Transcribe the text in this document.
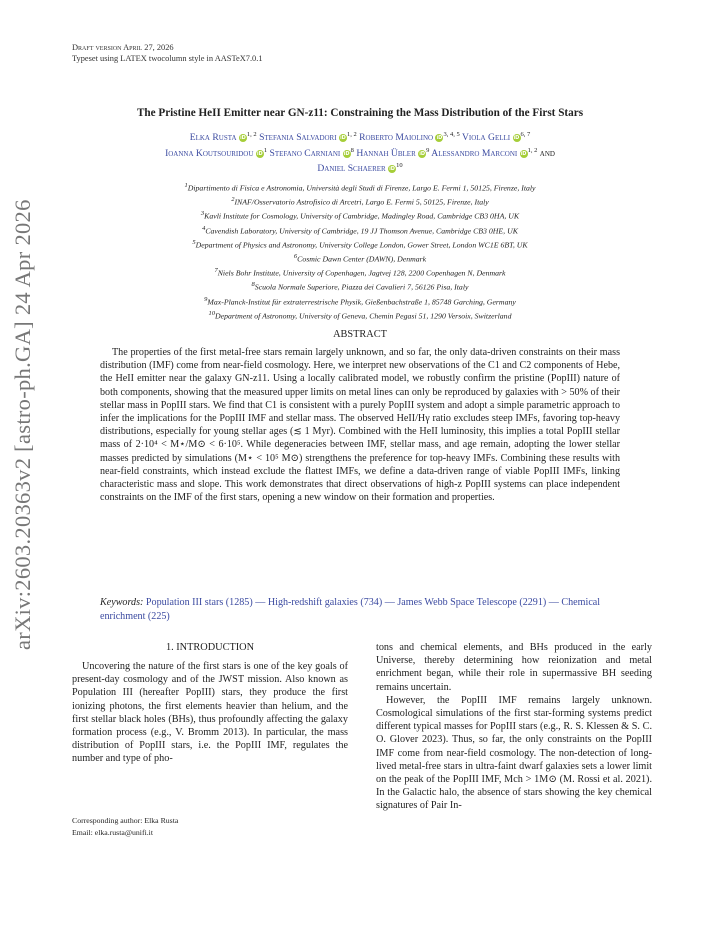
arXiv:2603.20363v2 [astro-ph.GA] 24 Apr 2026
Draft version April 27, 2026
Typeset using LATEX twocolumn style in AASTeX7.0.1
The Pristine HeII Emitter near GN-z11: Constraining the Mass Distribution of the First Stars
Elka Rusta iD$^{1, 2}$ Stefania Salvadori iD$^{1, 2}$ Roberto Maiolino iD$^{3, 4, 5}$ Viola Gelli iD$^{6, 7}$
Ioanna Koutsouridou $iD^1$ Stefano Carniani $iD^8$ Hannah Übler $iD^9$ Alessandro Marconi iD$^{1, 2}$ and
Daniel Schaerer $iD^{10}$
$^1$Dipartimento di Fisica e Astronomia, Università degli Studi di Firenze, Largo E. Fermi 1, 50125, Firenze, Italy
$^2$INAF/Osservatorio Astrofisico di Arcetri, Largo E. Fermi 5, 50125, Firenze, Italy
$^3$Kavli Institute for Cosmology, University of Cambridge, Madingley Road, Cambridge CB3 0HA, UK
$^4$Cavendish Laboratory, University of Cambridge, 19 JJ Thomson Avenue, Cambridge CB3 0HE, UK
$^5$Department of Physics and Astronomy, University College London, Gower Street, London WC1E 6BT, UK
$^6$Cosmic Dawn Center (DAWN), Denmark
$^7$Niels Bohr Institute, University of Copenhagen, Jagtvej 128, 2200 Copenhagen N, Denmark
$^8$Scuola Normale Superiore, Piazza dei Cavalieri 7, 56126 Pisa, Italy
$^9$Max-Planck-Institut für extraterrestrische Physik, Gießenbachstraße 1, 85748 Garching, Germany
$^{10}$Department of Astronomy, University of Geneva, Chemin Pegasi 51, 1290 Versoix, Switzerland
ABSTRACT
The properties of the first metal-free stars remain largely unknown, and so far, the only data-driven constraints on their mass distribution (IMF) come from near-field cosmology. Here, we interpret new observations of the C1 and C2 components of Hebe, the HeII emitter near the galaxy GN-z11. Using a locally calibrated model, we robustly confirm the pristine (PopIII) nature of both components, showing that the measured upper limits on metal lines can only be reproduced by galaxies with > 50% of their stellar mass in PopIII stars. We find that C1 is consistent with a purely PopIII system and adopt a simple parametric approach to infer the implications for the PopIII IMF and stellar mass. The observed HeII/Hγ ratio excludes steep IMFs, favoring top-heavy distributions, especially for young stellar ages (≲ 1 Myr). Combined with the HeII luminosity, this implies a total PopIII stellar mass of 2·10⁴ < M⋆/M⊙ < 6·10⁵. While degeneracies between IMF, stellar mass, and age remain, adopting the lower stellar masses predicted by simulations (M⋆ < 10⁵ M⊙) strengthens the preference for top-heavy IMFs. Combining these results with near-field constraints, which instead exclude the flattest IMFs, we define a data-driven range of viable PopIII IMFs, linking characteristic mass and slope. This work demonstrates that direct observations of high-z PopIII systems can place independent constraints on the IMF of the first stars, opening a new window on their formation and properties.
Keywords: Population III stars (1285) — High-redshift galaxies (734) — James Webb Space Telescope (2291) — Chemical enrichment (225)
1. INTRODUCTION
Uncovering the nature of the first stars is one of the key goals of present-day cosmology and of the JWST mission. Also known as Population III (hereafter PopIII) stars, they produce the first ionizing photons, the first elements heavier than helium, and the first stellar black holes (BHs), thus profoundly affecting the galaxy formation process (e.g., V. Bromm 2013). In particular, the mass distribution of PopIII stars, i.e. the PopIII IMF, regulates the number and type of pho-

tons and chemical elements, and BHs produced in the early Universe, thereby determining how reionization and metal enrichment began, while their role in supermassive BH seeding remains uncertain.

However, the PopIII IMF remains largely unknown. Cosmological simulations of the first star-forming systems predict different typical masses for PopIII stars (e.g., R. S. Klessen & S. C. O. Glover 2023). Thus, so far, the only constraints on the PopIII IMF come from near-field cosmology. The non-detection of long-lived metal-free stars in ultra-faint dwarf galaxies sets a lower limit on the peak of the PopIII IMF, Mch > 1M⊙ (M. Rossi et al. 2021). In the Galactic halo, the absence of stars showing the key chemical signatures of Pair In-

Corresponding author: Elka Rusta
Email: elka.rusta@unifi.it
